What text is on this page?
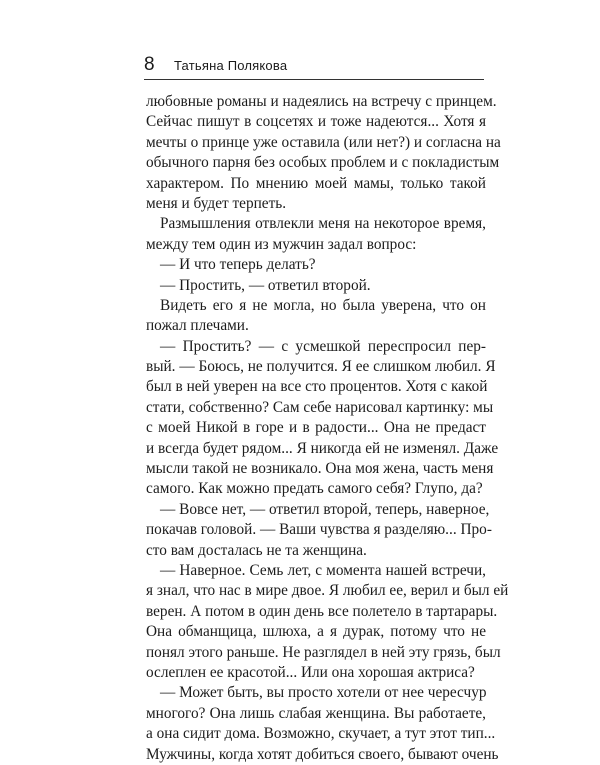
8 Татьяна Полякова
любовные романы и надеялись на встречу с принцем.
Сейчас пишут в соцсетях и тоже надеются... Хотя я
мечты о принце уже оставила (или нет?) и согласна на
обычного парня без особых проблем и с покладистым
характером. По мнению моей мамы, только такой
меня и будет терпеть.
Размышления отвлекли меня на некоторое время,
между тем один из мужчин задал вопрос:
— И что теперь делать?
— Простить, — ответил второй.
Видеть его я не могла, но была уверена, что он
пожал плечами.
— Простить? — с усмешкой переспросил пер-
вый. — Боюсь, не получится. Я ее слишком любил. Я
был в ней уверен на все сто процентов. Хотя с какой
стати, собственно? Сам себе нарисовал картинку: мы
с моей Никой в горе и в радости... Она не предаст
и всегда будет рядом... Я никогда ей не изменял. Даже
мысли такой не возникало. Она моя жена, часть меня
самого. Как можно предать самого себя? Глупо, да?
— Вовсе нет, — ответил второй, теперь, наверное,
покачав головой. — Ваши чувства я разделяю... Про-
сто вам досталась не та женщина.
— Наверное. Семь лет, с момента нашей встречи,
я знал, что нас в мире двое. Я любил ее, верил и был ей
верен. А потом в один день все полетело в тартарары.
Она обманщица, шлюха, а я дурак, потому что не
понял этого раньше. Не разглядел в ней эту грязь, был
ослеплен ее красотой... Или она хорошая актриса?
— Может быть, вы просто хотели от нее чересчур
многого? Она лишь слабая женщина. Вы работаете,
а она сидит дома. Возможно, скучает, а тут этот тип...
Мужчины, когда хотят добиться своего, бывают очень
